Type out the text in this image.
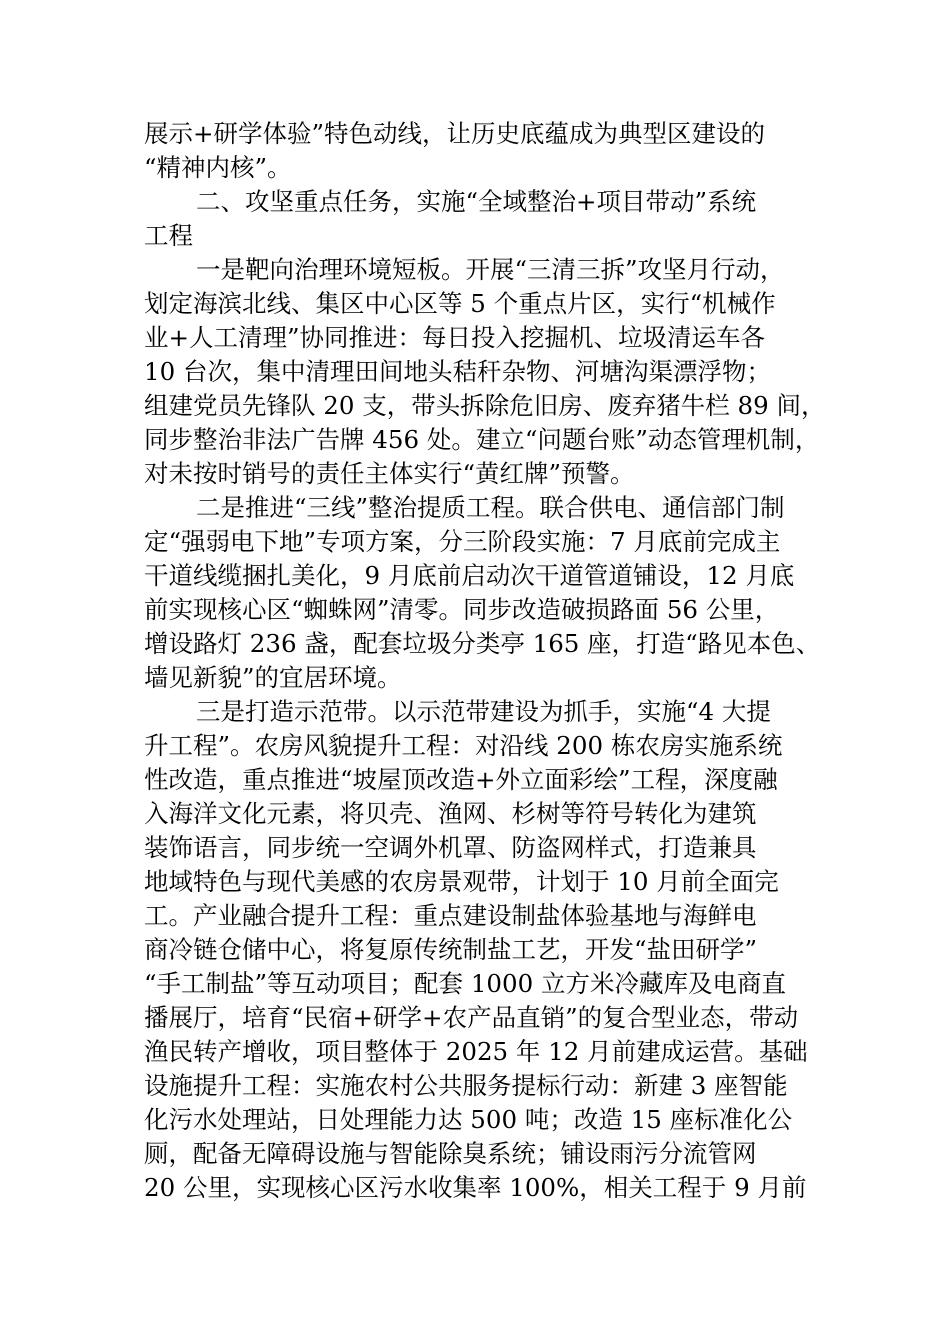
展示+研学体验”特色动线，让历史底蕴成为典型区建设的
“精神内核”。
二、攻坚重点任务，实施“全域整治+项目带动”系统
工程
一是靶向治理环境短板。开展“三清三拆”攻坚月行动，
划定海滨北线、集区中心区等 5 个重点片区，实行“机械作
业+人工清理”协同推进：每日投入挖掘机、垃圾清运车各
10 台次，集中清理田间地头秸秆杂物、河塘沟渠漂浮物；
组建党员先锋队 20 支，带头拆除危旧房、废弃猪牛栏 89 间，
同步整治非法广告牌 456 处。建立“问题台账”动态管理机制，
对未按时销号的责任主体实行“黄红牌”预警。
二是推进“三线”整治提质工程。联合供电、通信部门制
定“强弱电下地”专项方案，分三阶段实施：7 月底前完成主
干道线缆捆扎美化，9 月底前启动次干道管道铺设，12 月底
前实现核心区“蜘蛛网”清零。同步改造破损路面 56 公里，
增设路灯 236 盏，配套垃圾分类亭 165 座，打造“路见本色、
墙见新貌”的宜居环境。
三是打造示范带。以示范带建设为抓手，实施“4 大提
升工程”。农房风貌提升工程：对沿线 200 栋农房实施系统
性改造，重点推进“坡屋顶改造+外立面彩绘”工程，深度融
入海洋文化元素，将贝壳、渔网、杉树等符号转化为建筑
装饰语言，同步统一空调外机罩、防盗网样式，打造兼具
地域特色与现代美感的农房景观带，计划于 10 月前全面完
工。产业融合提升工程：重点建设制盐体验基地与海鲜电
商冷链仓储中心，将复原传统制盐工艺，开发“盐田研学”
“手工制盐”等互动项目；配套 1000 立方米冷藏库及电商直
播展厅，培育“民宿+研学+农产品直销”的复合型业态，带动
渔民转产增收，项目整体于 2025 年 12 月前建成运营。基础
设施提升工程：实施农村公共服务提标行动：新建 3 座智能
化污水处理站，日处理能力达 500 吨；改造 15 座标准化公
厕，配备无障碍设施与智能除臭系统；铺设雨污分流管网
20 公里，实现核心区污水收集率 100%，相关工程于 9 月前
